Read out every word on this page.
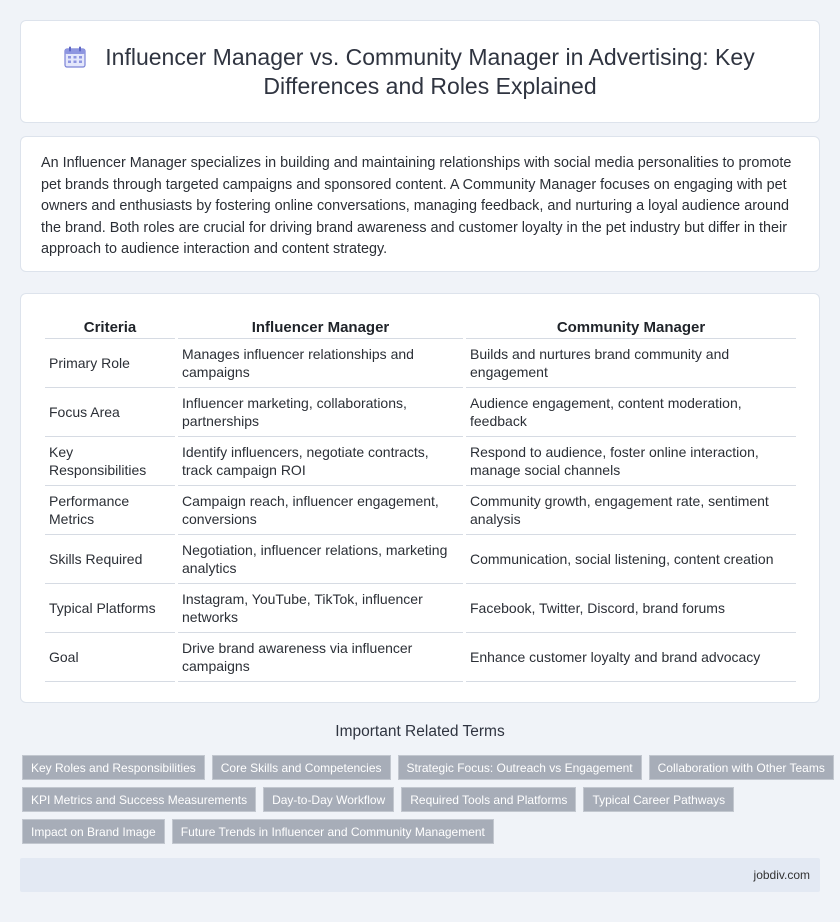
Influencer Manager vs. Community Manager in Advertising: Key Differences and Roles Explained

An Influencer Manager specializes in building and maintaining relationships with social media personalities to promote pet brands through targeted campaigns and sponsored content. A Community Manager focuses on engaging with pet owners and enthusiasts by fostering online conversations, managing feedback, and nurturing a loyal audience around the brand. Both roles are crucial for driving brand awareness and customer loyalty in the pet industry but differ in their approach to audience interaction and content strategy.

Criteria	Influencer Manager	Community Manager
Primary Role	Manages influencer relationships and campaigns	Builds and nurtures brand community and engagement
Focus Area	Influencer marketing, collaborations, partnerships	Audience engagement, content moderation, feedback
Key Responsibilities	Identify influencers, negotiate contracts, track campaign ROI	Respond to audience, foster online interaction, manage social channels
Performance Metrics	Campaign reach, influencer engagement, conversions	Community growth, engagement rate, sentiment analysis
Skills Required	Negotiation, influencer relations, marketing analytics	Communication, social listening, content creation
Typical Platforms	Instagram, YouTube, TikTok, influencer networks	Facebook, Twitter, Discord, brand forums
Goal	Drive brand awareness via influencer campaigns	Enhance customer loyalty and brand advocacy
Important Related Terms
Key Roles and Responsibilities	Core Skills and Competencies	Strategic Focus: Outreach vs Engagement	Collaboration with Other Teams
KPI Metrics and Success Measurements	Day-to-Day Workflow	Required Tools and Platforms	Typical Career Pathways
Impact on Brand Image	Future Trends in Influencer and Community Management
jobdiv.com
